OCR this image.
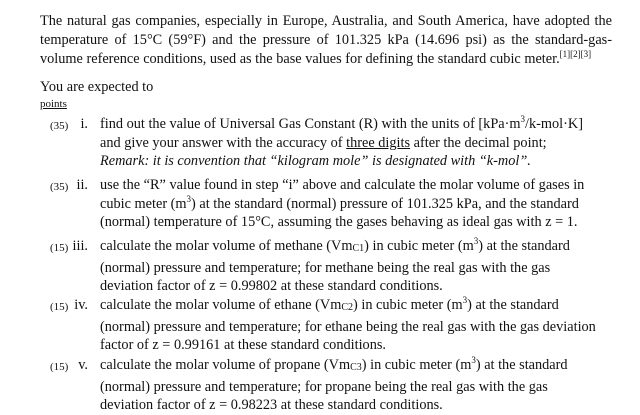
The natural gas companies, especially in Europe, Australia, and South America, have adopted the temperature of 15°C (59°F) and the pressure of 101.325 kPa (14.696 psi) as the standard-gas-volume reference conditions, used as the base values for defining the standard cubic meter.[1][2][3]
You are expected to
points
(35) i. find out the value of Universal Gas Constant (R) with the units of $[kPa\cdot m^3/k-mol\cdot K]$
and give your answer with the accuracy of three digits after the decimal point;
Remark: it is convention that “kilogram mole” is designated with “k-mol”.
(35) ii. use the “R” value found in step “i” above and calculate the molar volume of gases in
cubic meter $(m^3)$ at the standard (normal) pressure of 101.325 kPa, and the standard
(normal) temperature of 15°C, assuming the gases behaving as ideal gas with z = 1.
(15) iii. calculate the molar volume of methane (VmC1) in cubic meter $(m^3)$ at the standard
(normal) pressure and temperature; for methane being the real gas with the gas
deviation factor of z = 0.99802 at these standard conditions.
(15) iv. calculate the molar volume of ethane (VmC2) in cubic meter $(m^3)$ at the standard
(normal) pressure and temperature; for ethane being the real gas with the gas deviation
factor of z = 0.99161 at these standard conditions.
(15) v. calculate the molar volume of propane (VmC3) in cubic meter $(m^3)$ at the standard
(normal) pressure and temperature; for propane being the real gas with the gas
deviation factor of z = 0.98223 at these standard conditions.
